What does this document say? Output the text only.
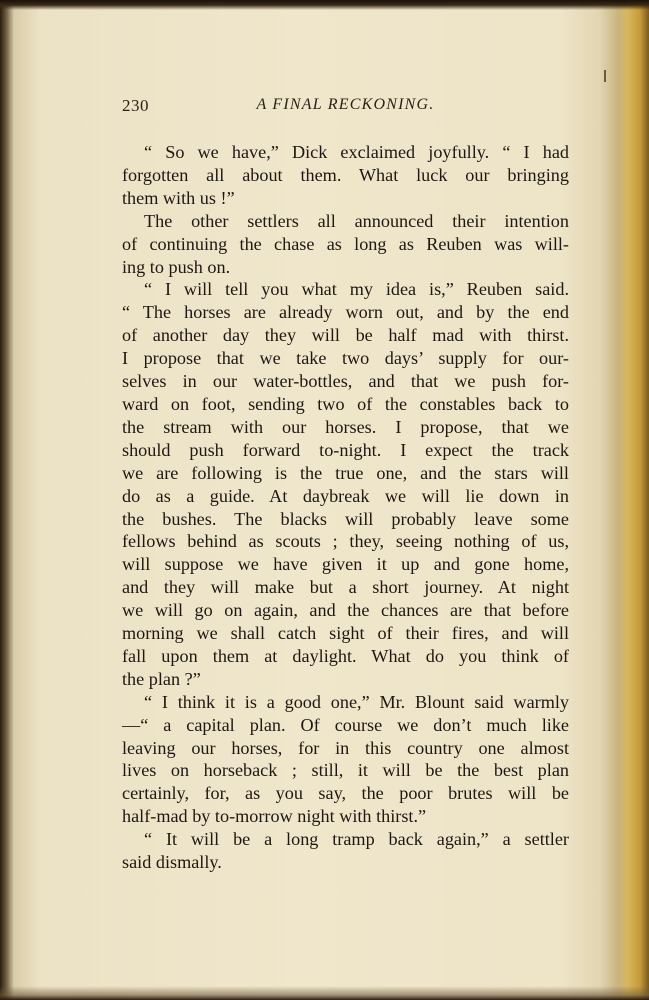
230	A FINAL RECKONING.
“ So we have,” Dick exclaimed joyfully. “ I had
forgotten all about them. What luck our bringing
them with us !”
The other settlers all announced their intention
of continuing the chase as long as Reuben was will-
ing to push on.
“ I will tell you what my idea is,” Reuben said.
“ The horses are already worn out, and by the end
of another day they will be half mad with thirst.
I propose that we take two days’ supply for our-
selves in our water-bottles, and that we push for-
ward on foot, sending two of the constables back to
the stream with our horses. I propose, that we
should push forward to-night. I expect the track
we are following is the true one, and the stars will
do as a guide. At daybreak we will lie down in
the bushes. The blacks will probably leave some
fellows behind as scouts ; they, seeing nothing of us,
will suppose we have given it up and gone home,
and they will make but a short journey. At night
we will go on again, and the chances are that before
morning we shall catch sight of their fires, and will
fall upon them at daylight. What do you think of
the plan ?”
“ I think it is a good one,” Mr. Blount said warmly
—“ a capital plan. Of course we don’t much like
leaving our horses, for in this country one almost
lives on horseback ; still, it will be the best plan
certainly, for, as you say, the poor brutes will be
half-mad by to-morrow night with thirst.”
“ It will be a long tramp back again,” a settler
said dismally.
